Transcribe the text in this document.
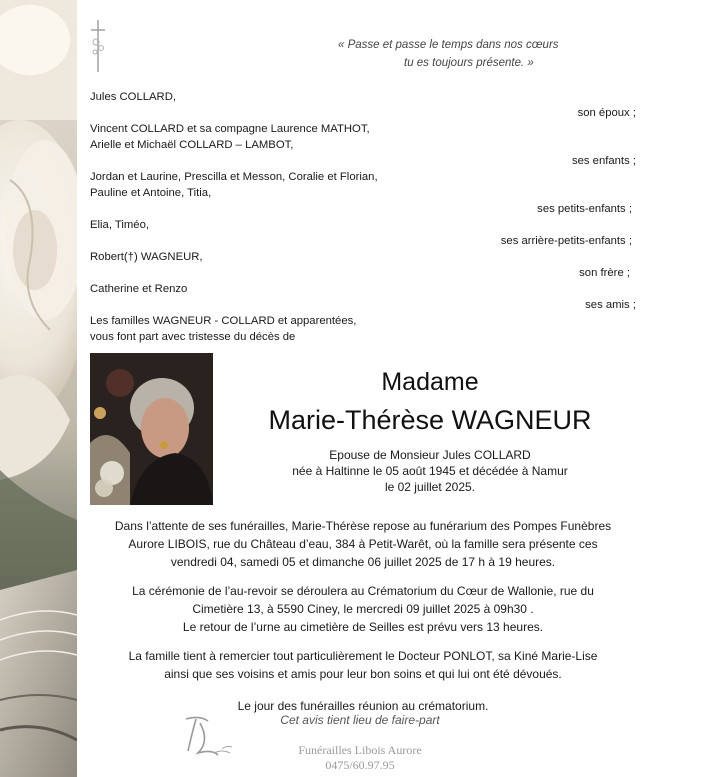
« Passe et passe le temps dans nos cœurs
tu es toujours présente. »
Jules COLLARD,
son époux ;
Vincent COLLARD et sa compagne Laurence MATHOT,
Arielle et Michaël COLLARD – LAMBOT,
ses enfants ;
Jordan et Laurine, Prescilla et Messon, Coralie et Florian,
Pauline et Antoine, Titia,
ses petits-enfants ;
Elia, Timéo,
ses arrière-petits-enfants ;
Robert(†) WAGNEUR,
son frère ;
Catherine et Renzo
ses amis ;
Les familles WAGNEUR - COLLARD et apparentées,
vous font part avec tristesse du décès de
Madame
Marie-Thérèse WAGNEUR
Epouse de Monsieur Jules COLLARD
née à Haltinne le 05 août 1945 et décédée à Namur
le 02 juillet 2025.
Dans l’attente de ses funérailles, Marie-Thérèse repose au funérarium des Pompes Funèbres
Aurore LIBOIS, rue du Château d’eau, 384 à Petit-Warêt, où la famille sera présente ces
vendredi 04, samedi 05 et dimanche 06 juillet 2025 de 17 h à 19 heures.
La cérémonie de l’au-revoir se déroulera au Crématorium du Cœur de Wallonie, rue du
Cimetière 13, à 5590 Ciney, le mercredi 09 juillet 2025 à 09h30 .
Le retour de l’urne au cimetière de Seilles est prévu vers 13 heures.
La famille tient à remercier tout particulièrement le Docteur PONLOT, sa Kiné Marie-Lise
ainsi que ses voisins et amis pour leur bon soins et qui lui ont été dévoués.
Le jour des funérailles réunion au crématorium.
Cet avis tient lieu de faire-part
Funérailles Libois Aurore
0475/60.97.95
